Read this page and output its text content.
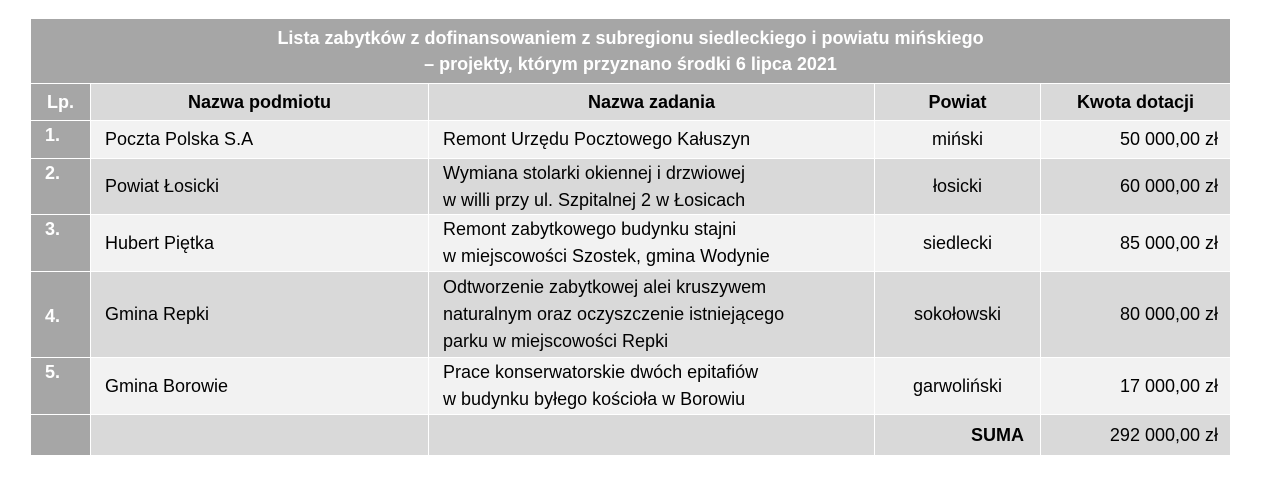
Lista zabytków z dofinansowaniem z subregionu siedleckiego i powiatu mińskiego
– projekty, którym przyznano środki 6 lipca 2021				

Lp.	Nazwa podmiotu	Nazwa zadania	Powiat	Kwota dotacji
1.	Poczta Polska S.A	Remont Urzędu Pocztowego Kałuszyn	miński	50 000,00 zł
2.	Powiat Łosicki	Wymiana stolarki okiennej i drzwiowej
w willi przy ul. Szpitalnej 2 w Łosicach	łosicki	60 000,00 zł
3.	Hubert Piętka	Remont zabytkowego budynku stajni
w miejscowości Szostek, gmina Wodynie	siedlecki	85 000,00 zł
4.	Gmina Repki	Odtworzenie zabytkowej alei kruszywem
naturalnym oraz oczyszczenie istniejącego
parku w miejscowości Repki	sokołowski	80 000,00 zł
5.	Gmina Borowie	Prace konserwatorskie dwóch epitafiów
w budynku byłego kościoła w Borowiu	garwoliński	17 000,00 zł
			SUMA	292 000,00 zł
